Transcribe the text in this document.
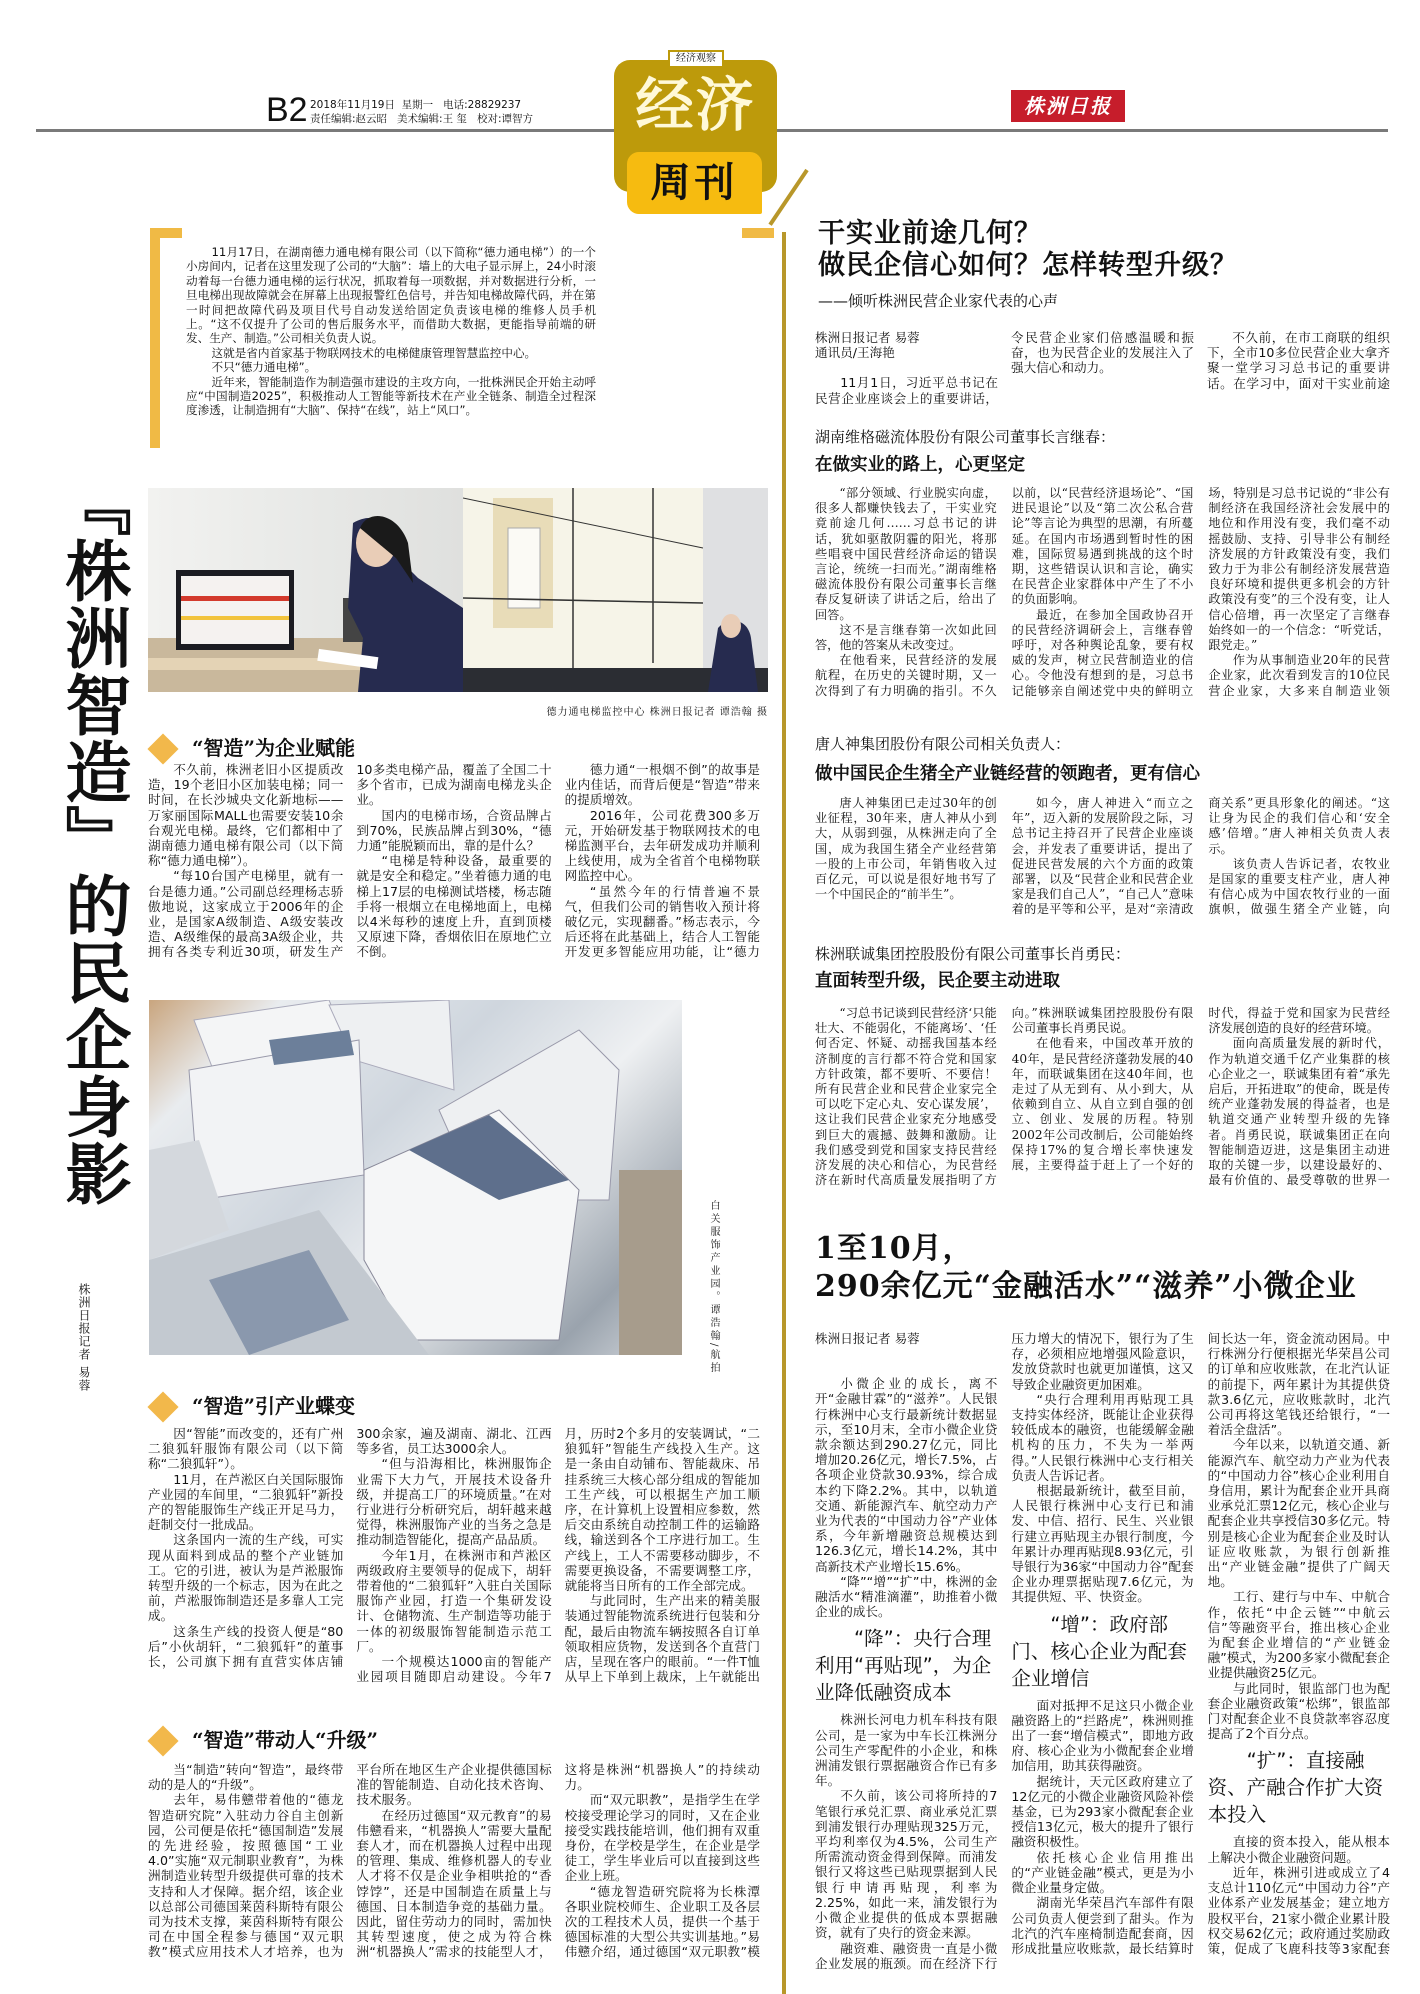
B2 2018年11月19日  星期一   电话:28829237
责任编辑:赵云昭   美术编辑:王 玺   校对:谭智方	经济
经济观察
周刊
株洲日报

11月17日，在湖南德力通电梯有限公司（以下简称“德力通电梯”）的一个小房间内，记者在这里发现了公司的“大脑”：墙上的大电子显示屏上，24小时滚动着每一台德力通电梯的运行状况，抓取着每一项数据，并对数据进行分析，一旦电梯出现故障就会在屏幕上出现报警红色信号，并告知电梯故障代码，并在第一时间把故障代码及项目代号自动发送给固定负责该电梯的维修人员手机上。“这不仅提升了公司的售后服务水平，而借助大数据，更能指导前端的研发、生产、制造。”公司相关负责人说。

这就是省内首家基于物联网技术的电梯健康管理智慧监控中心。

不只“德力通电梯”。

近年来，智能制造作为制造强市建设的主攻方向，一批株洲民企开始主动呼应“中国制造2025”，积极推动人工智能等新技术在产业全链条、制造全过程深度渗透，让制造拥有“大脑”、保持“在线”，站上“风口”。

『株洲智造』的民企身影
株洲日报记者 易蓉
德力通电梯监控中心 株洲日报记者 谭浩翰 摄
“智造”为企业赋能

不久前，株洲老旧小区提质改造，19个老旧小区加装电梯；同一时间，在长沙城央文化新地标——万家丽国际MALL也需要安装10余台观光电梯。最终，它们都相中了湖南德力通电梯有限公司（以下简称“德力通电梯”）。

“每10台国产电梯里，就有一台是德力通。”公司副总经理杨志骄傲地说，这家成立于2006年的企业，是国家A级制造、A级安装改造、A级维保的最高3A级企业，共拥有各类专利近30项，研发生产10多类电梯产品，覆盖了全国二十多个省市，已成为湖南电梯龙头企业。

国内的电梯市场，合资品牌占到70%，民族品牌占到30%，“德力通”能脱颖而出，靠的是什么？

“电梯是特种设备，最重要的就是安全和稳定。”坐着德力通的电梯上17层的电梯测试塔楼，杨志随手将一根烟立在电梯地面上，电梯以4米每秒的速度上升，直到顶楼又原速下降，香烟依旧在原地伫立不倒。

德力通“一根烟不倒”的故事是业内佳话，而背后便是“智造”带来的提质增效。

2016年，公司花费300多万元，开始研发基于物联网技术的电梯监测平台，去年研发成功并顺利上线使用，成为全省首个电梯物联网监控中心。

“虽然今年的行情普遍不景气，但我们公司的销售收入预计将破亿元，实现翻番。”杨志表示，今后还将在此基础上，结合人工智能开发更多智能应用功能，让“德力

白关服饰产业园。谭浩翰/航拍
“智造”引产业蝶变

因“智能”而改变的，还有广州二狼狐轩服饰有限公司（以下简称“二狼狐轩”）。

11月，在芦淞区白关国际服饰产业园的车间里，“二狼狐轩”新投产的智能服饰生产线正开足马力，赶制交付一批成品。

这条国内一流的生产线，可实现从面料到成品的整个产业链加工。它的引进，被认为是芦淞服饰转型升级的一个标志，因为在此之前，芦淞服饰制造还是多靠人工完成。

这条生产线的投资人便是“80后”小伙胡轩，“二狼狐轩”的董事长，公司旗下拥有直营实体店铺300余家，遍及湖南、湖北、江西等多省，员工达3000余人。

“但与沿海相比，株洲服饰企业需下大力气，开展技术设备升级，并提高工厂的环境质量。”在对行业进行分析研究后，胡轩越来越觉得，株洲服饰产业的当务之急是推动制造智能化，提高产品品质。

今年1月，在株洲市和芦淞区两级政府主要领导的促成下，胡轩带着他的“二狼狐轩”入驻白关国际服饰产业园，打造一个集研发设计、仓储物流、生产制造等功能于一体的初级服饰智能制造示范工厂。

一个规模达1000亩的智能产业园项目随即启动建设。今年7月，历时2个多月的安装调试，“二狼狐轩”智能生产线投入生产。这是一条由自动铺布、智能裁床、吊挂系统三大核心部分组成的智能加工生产线，可以根据生产加工顺序，在计算机上设置相应参数，然后交由系统自动控制工件的运输路线，输送到各个工序进行加工。生产线上，工人不需要移动脚步，不需要更换设备，不需要调整工序，就能将当日所有的工作全部完成。

与此同时，生产出来的精美服装通过智能物流系统进行包装和分配，最后由物流车辆按照各自订单领取相应货物，发送到各个直营门店，呈现在客户的眼前。“一件T恤从早上下单到上裁床，上午就能出

“智造”带动人“升级”

当“制造”转向“智造”，最终带动的是人的“升级”。

去年，易伟戆带着他的“德龙智造研究院”入驻动力谷自主创新园，公司便是依托“德国制造”发展的先进经验，按照德国“工业4.0”实施“双元制职业教育”，为株洲制造业转型升级提供可靠的技术支持和人才保障。据介绍，该企业以总部公司德国莱茵科斯特有限公司为技术支撑，莱茵科斯特有限公司在中国全程参与德国“双元职教”模式应用技术人才培养，也为平台所在地区生产企业提供德国标准的智能制造、自动化技术咨询、技术服务。

在经历过德国“双元教育”的易伟戆看来，“机器换人”需要大量配套人才，而在机器换人过程中出现的管理、集成、维修机器人的专业人才将不仅是企业争相哄抢的“香饽饽”，还是中国制造在质量上与德国、日本制造争竞的基础力量。因此，留住劳动力的同时，需加快其转型速度，使之成为符合株洲“机器换人”需求的技能型人才，这将是株洲“机器换人”的持续动力。

而“双元职教”，是指学生在学校接受理论学习的同时，又在企业接受实践技能培训，他们拥有双重身份，在学校是学生，在企业是学徒工，学生毕业后可以直接到这些企业上班。

“德龙智造研究院将为长株潭各职业院校师生、企业职工及各层次的工程技术人员，提供一个基于德国标准的大型公共实训基地。”易伟戆介绍，通过德国“双元职教”模

干实业前途几何？
做民企信心如何？怎样转型升级？
——倾听株洲民营企业家代表的心声

株洲日报记者 易蓉

通讯员/王海艳

11月1日，习近平总书记在民营企业座谈会上的重要讲话，令民营企业家们倍感温暖和振奋，也为民营企业的发展注入了强大信心和动力。

不久前，在市工商联的组织下，全市10多位民营企业大拿齐聚一堂学习习总书记的重要讲话。在学习中，面对干实业前途

湖南维格磁流体股份有限公司董事长言继春：
在做实业的路上，心更坚定

“部分领域、行业脱实向虚，很多人都赚快钱去了，干实业究竟前途几何……习总书记的讲话，犹如驱散阴霾的阳光，将那些唱衰中国民营经济命运的错误言论，统统一扫而光。”湖南维格磁流体股份有限公司董事长言继春反复研读了讲话之后，给出了回答。

这不是言继春第一次如此回答，他的答案从未改变过。

在他看来，民营经济的发展航程，在历史的关键时期，又一次得到了有力明确的指引。不久以前，以“民营经济退场论”、“国进民退论”以及“第二次公私合营论”等言论为典型的思潮，有所蔓延。在国内市场遇到暂时性的困难，国际贸易遇到挑战的这个时期，这些错误认识和言论，确实在民营企业家群体中产生了不小的负面影响。

最近，在参加全国政协召开的民营经济调研会上，言继春曾呼吁，对各种舆论乱象，要有权威的发声，树立民营制造业的信心。令他没有想到的是，习总书记能够亲自阐述党中央的鲜明立场，特别是习总书记说的“非公有制经济在我国经济社会发展中的地位和作用没有变，我们毫不动摇鼓励、支持、引导非公有制经济发展的方针政策没有变，我们致力于为非公有制经济发展营造良好环境和提供更多机会的方针政策没有变”的三个没有变，让人信心倍增，再一次坚定了言继春始终如一的一个信念：“听党话，跟党走。”

作为从事制造业20年的民营企业家，此次看到发言的10位民营企业家，大多来自制造业领

唐人神集团股份有限公司相关负责人：
做中国民企生猪全产业链经营的领跑者，更有信心

唐人神集团已走过30年的创业征程，30年来，唐人神从小到大，从弱到强，从株洲走向了全国，成为我国生猪全产业经营第一股的上市公司，年销售收入过百亿元，可以说是很好地书写了一个中国民企的“前半生”。

如今，唐人神进入“而立之年”，迈入新的发展阶段之际，习总书记主持召开了民营企业座谈会，并发表了重要讲话，提出了促进民营发展的六个方面的政策部署，以及“民营企业和民营企业家是我们自己人”，“自己人”意味着的是平等和公平，是对“亲清政商关系”更具形象化的阐述。“这让身为民企的我们信心和‘安全感’倍增。”唐人神相关负责人表示。

该负责人告诉记者，农牧业是国家的重要支柱产业，唐人神有信心成为中国农牧行业的一面旗帜，做强生猪全产业链，向

株洲联诚集团控股股份有限公司董事长肖勇民：
直面转型升级，民企要主动进取

“习总书记谈到民营经济‘只能壮大、不能弱化，不能离场’、‘任何否定、怀疑、动摇我国基本经济制度的言行都不符合党和国家方针政策，都不要听、不要信！所有民营企业和民营企业家完全可以吃下定心丸、安心谋发展’，这让我们民营企业家充分地感受到巨大的震撼、鼓舞和激励。让我们感受到党和国家支持民营经济发展的决心和信心，为民营经济在新时代高质量发展指明了方向。”株洲联诚集团控股股份有限公司董事长肖勇民说。

在他看来，中国改革开放的40年，是民营经济蓬勃发展的40年，而联诚集团在这40年间，也走过了从无到有、从小到大，从依赖到自立、从自立到自强的创立、创业、发展的历程。特别2002年公司改制后，公司能始终保持17%的复合增长率快速发展，主要得益于赶上了一个好的时代，得益于党和国家为民营经济发展创造的良好的经营环境。

面向高质量发展的新时代，作为轨道交通千亿产业集群的核心企业之一，联诚集团有着“承先启后，开拓进取”的使命，既是传统产业蓬勃发展的得益者，也是轨道交通产业转型升级的先锋者。肖勇民说，联诚集团正在向智能制造迈进，这是集团主动进取的关键一步，以建设最好的、最有价值的、最受尊敬的世界一

1至10月，
290余亿元“金融活水”“滋养”小微企业

株洲日报记者 易蓉

小微企业的成长，离不开“金融甘霖”的“滋养”。人民银行株洲中心支行最新统计数据显示，至10月末，全市小微企业贷款余额达到290.27亿元，同比增加20.26亿元，增长7.5%，占各项企业贷款30.93%，综合成本约下降2.2%。其中，以轨道交通、新能源汽车、航空动力产业为代表的“中国动力谷”产业体系，今年新增融资总规模达到126.3亿元，增长14.2%，其中高新技术产业增长15.6%。

“降”“增”“扩”中，株洲的金融活水“精准滴灌”，助推着小微企业的成长。

“降”：央行合理利用“再贴现”，为企业降低融资成本

株洲长河电力机车科技有限公司，是一家为中车长江株洲分公司生产零配件的小企业，和株洲浦发银行票据融资合作已有多年。

不久前，该公司将所持的7笔银行承兑汇票、商业承兑汇票到浦发银行办理贴现325万元，平均利率仅为4.5%，公司生产所需流动资金得到保障。而浦发银行又将这些已贴现票据到人民银行申请再贴现，利率为2.25%，如此一来，浦发银行为小微企业提供的低成本票据融资，就有了央行的资金来源。

融资难、融资贵一直是小微企业发展的瓶颈。而在经济下行压力增大的情况下，银行为了生存，必须相应地增强风险意识，发放贷款时也就更加谨慎，这又导致企业融资更加困难。

“央行合理利用再贴现工具支持实体经济，既能让企业获得较低成本的融资，也能缓解金融机构的压力，不失为一举两得。”人民银行株洲中心支行相关负责人告诉记者。

根据最新统计，截至目前，人民银行株洲中心支行已和浦发、中信、招行、民生、兴业银行建立再贴现主办银行制度，今年累计办理再贴现8.93亿元，引导银行为36家“中国动力谷”配套企业办理票据贴现7.6亿元，为其提供短、平、快资金。

“增”：政府部门、核心企业为配套企业增信

面对抵押不足这只小微企业融资路上的“拦路虎”，株洲则推出了一套“增信模式”，即地方政府、核心企业为小微配套企业增加信用，助其获得融资。

据统计，天元区政府建立了12亿元的小微企业融资风险补偿基金，已为293家小微配套企业授信13亿元，极大的提升了银行融资积极性。

依托核心企业信用推出的“产业链金融”模式，更是为小微企业量身定做。

湖南光华荣昌汽车部件有限公司负责人便尝到了甜头。作为北汽的汽车座椅制造配套商，因形成批量应收账款，最长结算时间长达一年，资金流动困局。中行株洲分行便根据光华荣昌公司的订单和应收账款，在北汽认证的前提下，两年累计为其提供贷款3.6亿元，应收账款时，北汽公司再将这笔钱还给银行，“一着活全盘活”。

今年以来，以轨道交通、新能源汽车、航空动力产业为代表的“中国动力谷”核心企业利用自身信用，累计为配套企业开具商业承兑汇票12亿元，核心企业与配套企业共享授信30多亿元。特别是核心企业为配套企业及时认证应收账款，为银行创新推出“产业链金融”提供了广阔天地。

工行、建行与中车、中航合作，依托“中企云链”“中航云信”等融资平台，推出核心企业为配套企业增信的“产业链金融”模式，为200多家小微配套企业提供融资25亿元。

与此同时，银监部门也为配套企业融资政策“松绑”，银监部门对配套企业不良贷款率容忍度提高了2个百分点。

“扩”：直接融资、产融合作扩大资本投入

直接的资本投入，能从根本上解决小微企业融资问题。

近年，株洲引进或成立了4支总计110亿元“中国动力谷”产业体系产业发展基金；建立地方股权平台，21家小微企业累计股权交易62亿元；政府通过奖励政策，促成了飞鹿科技等3家配套
